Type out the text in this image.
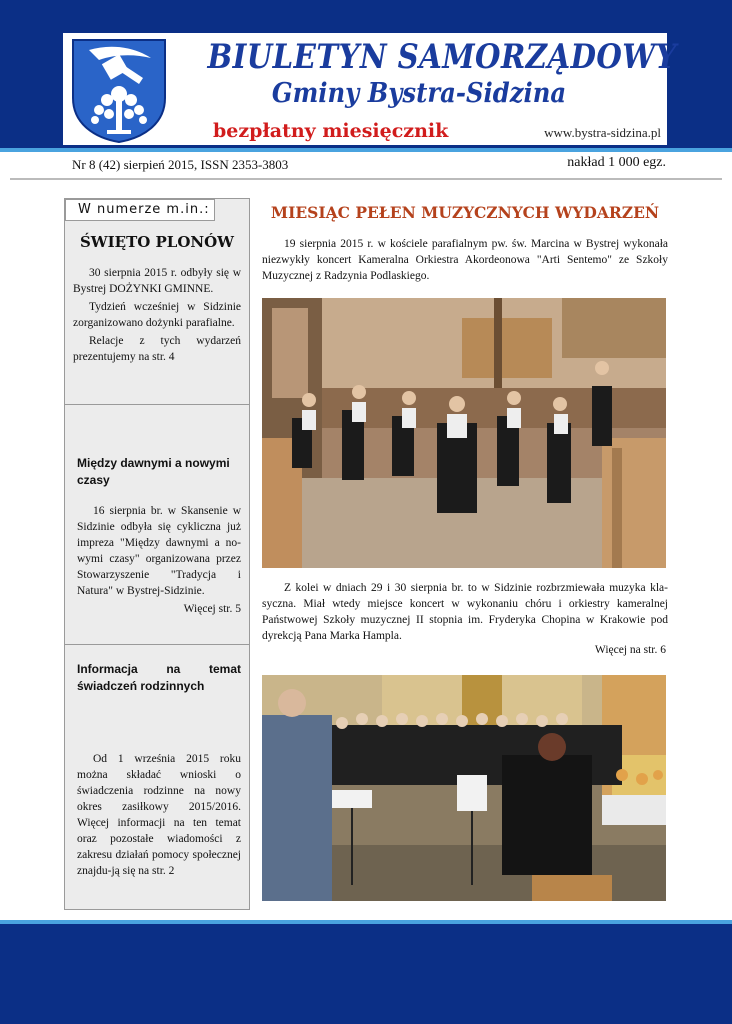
BIULETYN SAMORZĄDOWY
Gminy Bystra-Sidzina
bezpłatny miesięcznik	www.bystra-sidzina.pl
Nr 8 (42) sierpień 2015, ISSN 2353-3803	nakład 1 000 egz.
W numerze m.in.:
ŚWIĘTO PLONÓW

30 sierpnia 2015 r. odbyły się w Bystrej DOŻYNKI GMINNE.

Tydzień wcześniej w Sidzinie zorganizowano dożynki parafialne.

Relacje z tych wydarzeń prezentujemy na str. 4

Między dawnymi a nowymi czasy

16 sierpnia br. w Skansenie w Sidzinie odbyła się cykliczna już impreza "Między dawnymi a no-wymi czasy" organizowana przez Stowarzyszenie "Tradycja i Natura" w Bystrej-Sidzinie.

Więcej str. 5
Informacja na temat świadczeń rodzinnych

Od 1 września 2015 roku można składać wnioski o świadczenia rodzinne na nowy okres zasiłkowy 2015/2016. Więcej informacji na ten temat oraz pozostałe wiadomości z zakresu działań pomocy społecznej znajdu-ją się na str. 2

MIESIĄC PEŁEN MUZYCZNYCH WYDARZEŃ
19 sierpnia 2015 r. w kościele parafialnym pw. św. Marcina w Bystrej wykonała niezwykły koncert Kameralna Orkiestra Akordeonowa "Arti Sentemo" ze Szkoły Muzycznej z Radzynia Podlaskiego.
Z kolei w dniach 29 i 30 sierpnia br. to w Sidzinie rozbrzmiewała muzyka kla-syczna. Miał wtedy miejsce koncert w wykonaniu chóru i orkiestry kameralnej Państwowej Szkoły muzycznej II stopnia im. Fryderyka Chopina w Krakowie pod dyrekcją Pana Marka Hampla.
Więcej na str. 6
